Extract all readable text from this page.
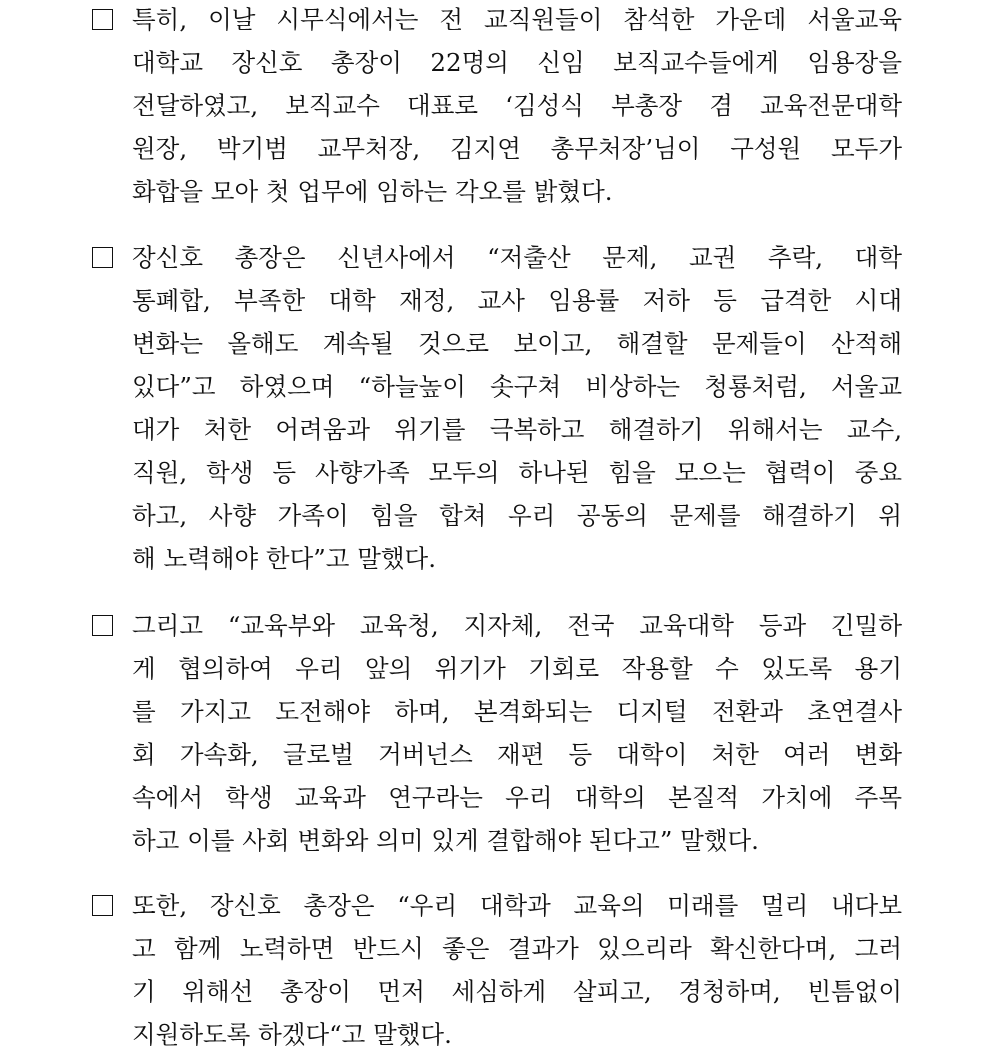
특히, 이날 시무식에서는 전 교직원들이 참석한 가운데 서울교육
대학교 장신호 총장이 22명의 신임 보직교수들에게 임용장을
전달하였고, 보직교수 대표로 ‘김성식 부총장 겸 교육전문대학
원장, 박기범 교무처장, 김지연 총무처장’님이 구성원 모두가
화합을 모아 첫 업무에 임하는 각오를 밝혔다.
장신호 총장은 신년사에서 “저출산 문제, 교권 추락, 대학
통폐합, 부족한 대학 재정, 교사 임용률 저하 등 급격한 시대
변화는 올해도 계속될 것으로 보이고, 해결할 문제들이 산적해
있다”고 하였으며 “하늘높이 솟구쳐 비상하는 청룡처럼, 서울교
대가 처한 어려움과 위기를 극복하고 해결하기 위해서는 교수,
직원, 학생 등 사향가족 모두의 하나된 힘을 모으는 협력이 중요
하고, 사향 가족이 힘을 합쳐 우리 공동의 문제를 해결하기 위
해 노력해야 한다”고 말했다.
그리고 “교육부와 교육청, 지자체, 전국 교육대학 등과 긴밀하
게 협의하여 우리 앞의 위기가 기회로 작용할 수 있도록 용기
를 가지고 도전해야 하며, 본격화되는 디지털 전환과 초연결사
회 가속화, 글로벌 거버넌스 재편 등 대학이 처한 여러 변화
속에서 학생 교육과 연구라는 우리 대학의 본질적 가치에 주목
하고 이를 사회 변화와 의미 있게 결합해야 된다고” 말했다.
또한, 장신호 총장은 “우리 대학과 교육의 미래를 멀리 내다보
고 함께 노력하면 반드시 좋은 결과가 있으리라 확신한다며, 그러
기 위해선 총장이 먼저 세심하게 살피고, 경청하며, 빈틈없이
지원하도록 하겠다“고 말했다.
